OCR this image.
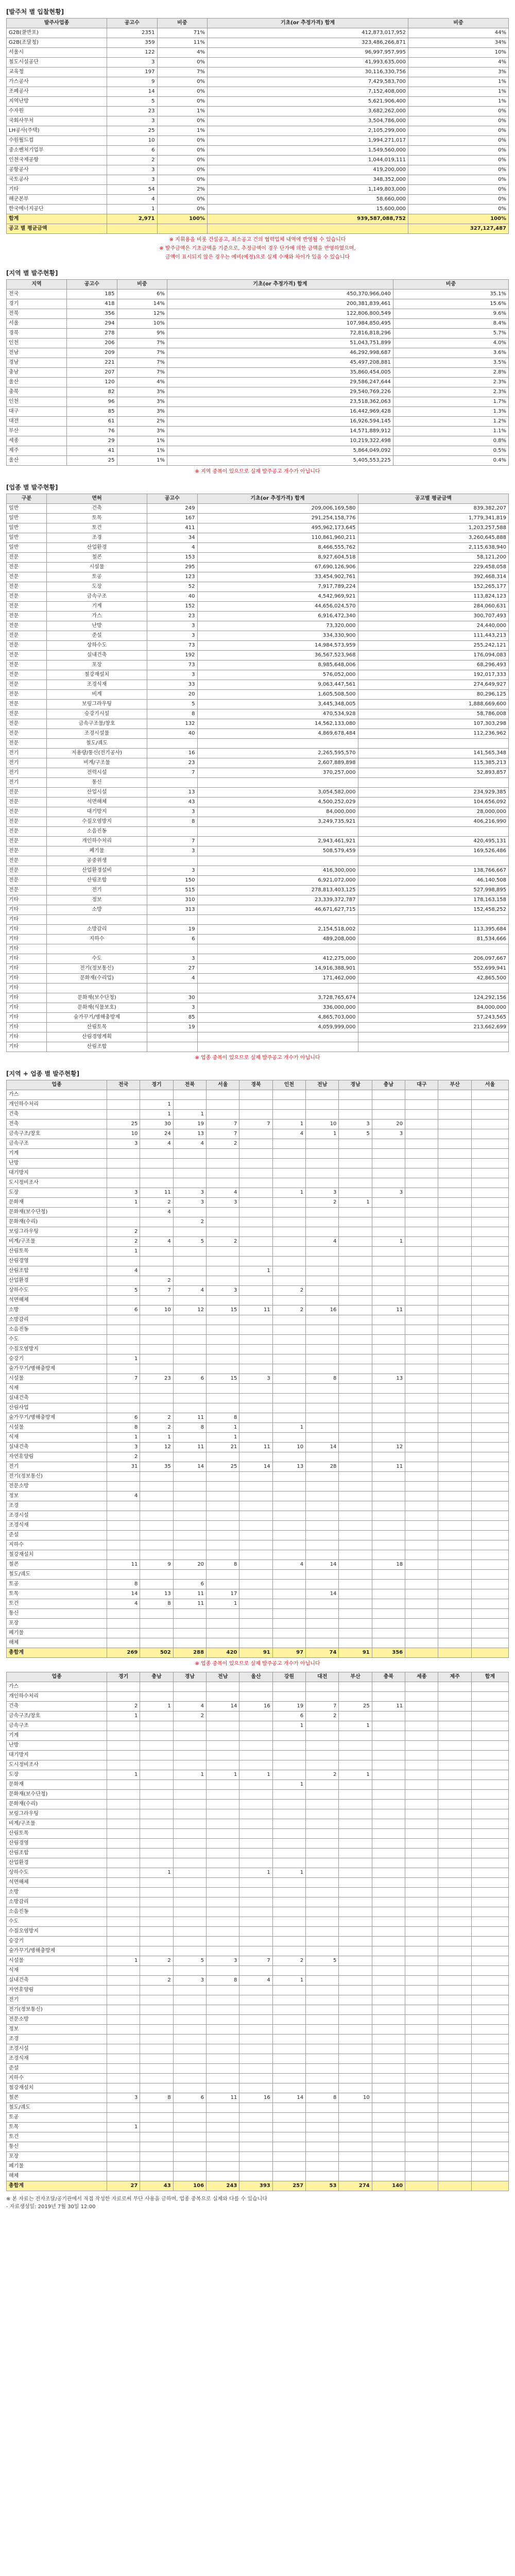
[발주처 별 입찰현황]
발주사업종	공고수	비중	기초(or 추정가격) 합계	비중
G2B(쿨반포)	2351	71%	412,873,017,952	44%
G2B(조달청)	359	11%	323,486,266,871	34%
서울시	122	4%	96,997,957,995	10%
철도시설공단	3	0%	41,993,635,000	4%
교육청	197	7%	30,116,330,756	3%
가스공사	9	0%	7,429,583,700	1%
조폐공사	14	0%	7,152,408,000	1%
지역난방	5	0%	5,621,906,400	1%
수자원	23	1%	3,682,262,000	0%
국회사무처	3	0%	3,504,786,000	0%
LH공사(주택)	25	1%	2,105,299,000	0%
수원월드컵	10	0%	1,994,271,017	0%
중소벤처기업부	6	0%	1,549,560,000	0%
인천국제공항	2	0%	1,044,019,111	0%
공항공사	3	0%	419,200,000	0%
국토공사	3	0%	348,352,000	0%
기타	54	2%	1,149,803,000	0%
해군본부	4	0%	58,660,000	0%
한국에너지공단	1	0%	15,600,000	0%
합계	2,971	100%	939,587,088,752	100%
공고 별 평균금액				327,127,487
※ 지휘용을 비롯 건설공고, 최소공고 건의 협력업체 내역에 반영될 수 있습니다
※ 발주금액은 기초금액을 기준으로, 추정금액이 경우 단가에 의한 금액을 반영하였으며,
금액이 표시되지 않은 경우는 예비(예정)으로 실제 수재와 차이가 있을 수 있습니다
[지역 별 발주현황]
지역	공고수	비중	기초(or 추정가격) 합계	비중
전국	185	6%	450,370,966,040	35.1%
경기	418	14%	200,381,839,461	15.6%
전북	356	12%	122,806,800,549	9.6%
서울	294	10%	107,984,850,495	8.4%
경북	278	9%	72,816,818,296	5.7%
인천	206	7%	51,043,751,899	4.0%
전남	209	7%	46,292,998,687	3.6%
경남	221	7%	45,497,208,881	3.5%
충남	207	7%	35,860,454,005	2.8%
울산	120	4%	29,586,247,644	2.3%
충북	82	3%	29,540,769,226	2.3%
인천	96	3%	23,518,362,063	1.7%
대구	85	3%	16,442,969,428	1.3%
대전	61	2%	16,926,594,145	1.2%
부산	76	3%	14,571,889,912	1.1%
세종	29	1%	10,219,322,498	0.8%
제주	41	1%	5,864,049,092	0.5%
울산	25	1%	5,405,553,225	0.4%
※ 지역 중복이 있으므로 실제 발주공고 개수가 아닙니다
[업종 별 발주현황]
구분	면허	공고수	기초(or 추정가격) 합계	공고별 평균금액
일반	건축	249	209,006,169,580	839,382,207
일반	토목	167	291,254,158,776	1,779,341,819
일반	토건	411	495,962,173,645	1,203,257,588
일반	조경	34	110,861,960,211	3,260,645,888
일반	산업환경	4	8,466,555,762	2,115,638,940
전문	철콘	153	8,927,604,518	58,121,200
전문	시설물	295	67,690,126,906	229,458,058
전문	토공	123	33,454,902,761	392,468,314
전문	도장	52	7,917,789,224	152,265,177
전문	금속구조	40	4,542,969,921	113,824,123
전문	기계	152	44,656,024,570	284,060,631
전문	가스	23	6,916,472,340	300,707,493
전문	난방	3	73,320,000	24,440,000
전문	준설	3	334,330,900	111,443,213
전문	상하수도	73	14,984,573,959	255,242,121
전문	실내건축	192	36,567,523,968	176,094,083
전문	포장	73	8,985,648,006	68,296,493
전문	철강재설치	3	576,052,000	192,017,333
전문	조경식재	33	9,063,447,561	274,649,927
전문	비계	20	1,605,508,500	80,296,125
전문	보링그라우팅	5	3,445,348,005	1,888,669,600
전문	승강기시설	8	470,534,928	58,786,008
전문	금속구조물/창호	132	14,562,133,080	107,303,298
전문	조경시설물	40	4,869,678,484	112,236,962
전문	철도/궤도			
전기	저용량/통신(전기공사)	16	2,265,595,570	141,565,348
전기	비계/구조물	23	2,607,889,898	115,385,213
전기	전력시설	7	370,257,000	52,893,857
전기	통신			
전문	산업시설	13	3,054,582,000	234,929,385
전문	석면해체	43	4,500,252,029	104,656,092
전문	대기방지	3	84,000,000	28,000,000
전문	수질오염방지	8	3,249,735,921	406,216,990
전문	소음진동			
전문	개인하수처리	7	2,943,461,921	420,495,131
전문	폐기물	3	508,579,459	169,526,486
전문	공중위생			
전문	산업환경설비	3	416,300,000	138,766,667
전문	산림조합	150	6,921,072,000	46,140,508
전문	전기	515	278,813,403,125	527,998,895
기타	정보	310	23,339,372,787	178,163,158
기타	소방	313	46,671,627,715	152,458,252
기타				
기타	소방감리	19	2,154,518,002	113,395,684
기타	지하수	6	489,208,000	81,534,666
기타				
기타	수도	3	412,275,000	206,097,667
기타	전기(정보통신)	27	14,916,388,901	552,699,941
기타	문화재(수리업)	4	171,462,000	42,865,500
기타				
기타	문화재(보수단청)	30	3,728,765,674	124,292,156
기타	문화재(식물보호)	3	336,000,000	84,000,000
기타	숲가꾸기/병해충방제	85	4,865,703,000	57,243,565
기타	산림토목	19	4,059,999,000	213,662,699
기타	산림경영계획			
기타	산림조합			
※ 업종 중복이 있으므로 실제 발주공고 개수가 아닙니다
[지역 + 업종 별 발주현황]
업종	전국	경기	전북	서울	경북	인천	전남	경남	충남	대구	부산	서울
가스												
개인하수처리		1										
건축		1	1									
전축	25	30	19	7	7	1	10	3	20			
금속구조/창호	10	24	13	7		4	1	5	3			
금속구조	3	4	4	2								
기계												
난방												
대기방지												
도시정비조사												
도장	3	11	3	4		1	3		3			
문화재	1	2	3	3			2	1				
문화재(보수단청)		4										
문화재(수리)			2									
보링그라우팅	2											
비계/구조물	2	4	5	2			4		1			
산림토목	1											
산림경영												
산림조합	4				1							
산업환경		2										
상하수도	5	7	4	3		2						
석면해체												
소방	6	10	12	15	11	2	16		11			
소방감리												
소음진동												
수도												
수질오염방지												
승강기	1											
숲가꾸기/병해충방제												
시설물	7	23	6	15	3		8		13			
식재												
실내건축												
산림사업												
숲가꾸기/병해충방제	6	2	11	8								
시설물	8	2	8	1		1						
식재	1	1		1								
실내건축	3	12	11	21	11	10	14		12			
자연휴양림	2											
전기	31	35	14	25	14	13	28		11			
전기(정보통신)												
전문소방												
정보	4											
조경												
조경시설												
조경식재												
준설												
지하수												
철강재설치												
철콘	11	9	20	8		4	14		18			
철도/궤도												
토공	8		6									
토목	14	13	11	17			14					
토건	4	8	11	1								
통신												
포장												
폐기물												
해체												
총합계	269	502	288	420	91	97	74	91	356			
※ 업종 중복이 있으므로 실제 발주공고 개수가 아닙니다
업종	경기	충남	경남	전남	울산	강원	대전	부산	충북	세종	제주	합계
가스												
개인하수처리												
건축	2	1	4	14	16	19	7	25	11			
금속구조/창호	1		2			6	2					
금속구조						1		1				
기계												
난방												
대기방지												
도시정비조사												
도장	1		1	1	1		2	1				
문화재						1						
문화재(보수단청)												
문화재(수리)												
보링그라우팅												
비계/구조물												
산림토목												
산림경영												
산림조합												
산업환경												
상하수도		1			1	1						
석면해체												
소방												
소방감리												
소음진동												
수도												
수질오염방지												
승강기												
숲가꾸기/병해충방제												
시설물	1	2	5	3	7	2	5					
식재												
실내건축		2	3	8	4	1						
자연휴양림												
전기												
전기(정보통신)												
전문소방												
정보												
조경												
조경시설												
조경식재												
준설												
지하수												
철강재설치												
철콘	3	8	6	11	16	14	8	10				
철도/궤도												
토공												
토목	1											
토건												
통신												
포장												
폐기물												
해체												
총합계	27	43	106	243	393	257	53	274	140			
※ 본 자료는 전자조달/공기관에서 직접 작성한 자료로써 무단 사용을 금하며, 업종 중복으로 실제와 다를 수 있습니다
- 자료생성일: 2019년 7월 30일 12:00
